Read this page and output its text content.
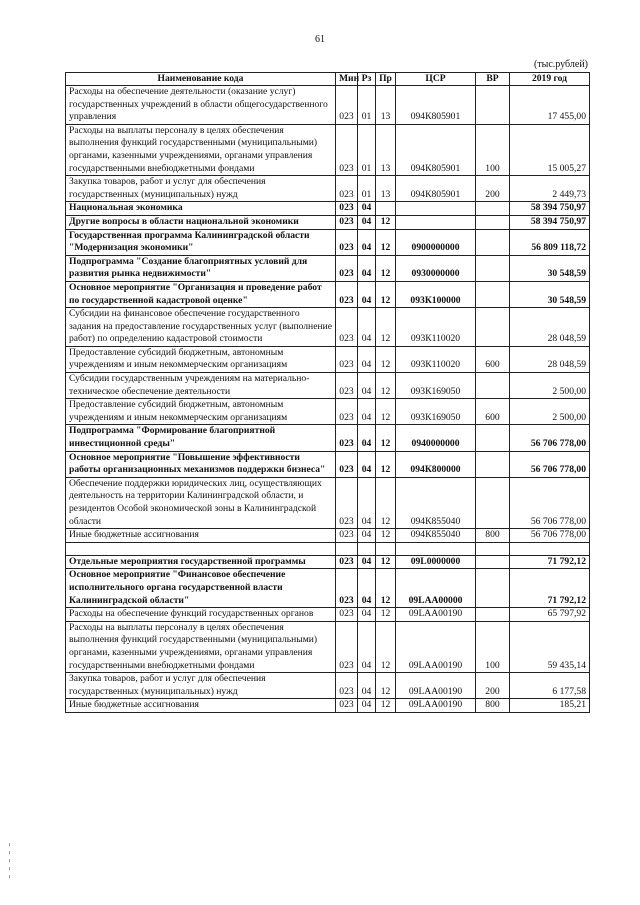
61
(тыс.рублей)
Наименование кода	Мин	Рз	Пр	ЦСР	ВР	2019 год
Расходы на обеспечение деятельности (оказание услуг) государственных учреждений в области общегосударственного управления	023	01	13	094К805901		17 455,00
Расходы на выплаты персоналу в целях обеспечения выполнения функций государственными (муниципальными) органами, казенными учреждениями, органами управления государственными внебюджетными фондами	023	01	13	094К805901	100	15 005,27
Закупка товаров, работ и услуг для обеспечения государственных (муниципальных) нужд	023	01	13	094К805901	200	2 449,73
Национальная экономика	023	04				58 394 750,97
Другие вопросы в области национальной экономики	023	04	12			58 394 750,97
Государственная программа Калининградской области "Модернизация экономики"	023	04	12	0900000000		56 809 118,72
Подпрограмма "Создание благоприятных условий для развития рынка недвижимости"	023	04	12	0930000000		30 548,59
Основное мероприятие "Организация и проведение работ по государственной кадастровой оценке"	023	04	12	093К100000		30 548,59
Субсидии на финансовое обеспечение государственного задания на предоставление государственных услуг (выполнение работ) по определению кадастровой стоимости	023	04	12	093К110020		28 048,59
Предоставление субсидий бюджетным, автономным учреждениям и иным некоммерческим организациям	023	04	12	093К110020	600	28 048,59
Субсидии государственным учреждениям на материально-техническое обеспечение деятельности	023	04	12	093К169050		2 500,00
Предоставление субсидий бюджетным, автономным учреждениям и иным некоммерческим организациям	023	04	12	093К169050	600	2 500,00
Подпрограмма "Формирование благоприятной инвестиционной среды"	023	04	12	0940000000		56 706 778,00
Основное мероприятие "Повышение эффективности работы организационных механизмов поддержки бизнеса"	023	04	12	094К800000		56 706 778,00
Обеспечение поддержки юридических лиц, осуществляющих деятельность на территории Калининградской области, и резидентов Особой экономической зоны в Калининградской области	023	04	12	094К855040		56 706 778,00
Иные бюджетные ассигнования	023	04	12	094К855040	800	56 706 778,00

Отдельные мероприятия государственной программы	023	04	12	09L0000000		71 792,12
Основное мероприятие "Финансовое обеспечение исполнительного органа государственной власти Калининградской области"	023	04	12	09LAA00000		71 792,12
Расходы на обеспечение функций государственных органов	023	04	12	09LAA00190		65 797,92
Расходы на выплаты персоналу в целях обеспечения выполнения функций государственными (муниципальными) органами, казенными учреждениями, органами управления государственными внебюджетными фондами	023	04	12	09LAA00190	100	59 435,14
Закупка товаров, работ и услуг для обеспечения государственных (муниципальных) нужд	023	04	12	09LAA00190	200	6 177,58
Иные бюджетные ассигнования	023	04	12	09LAA00190	800	185,21
